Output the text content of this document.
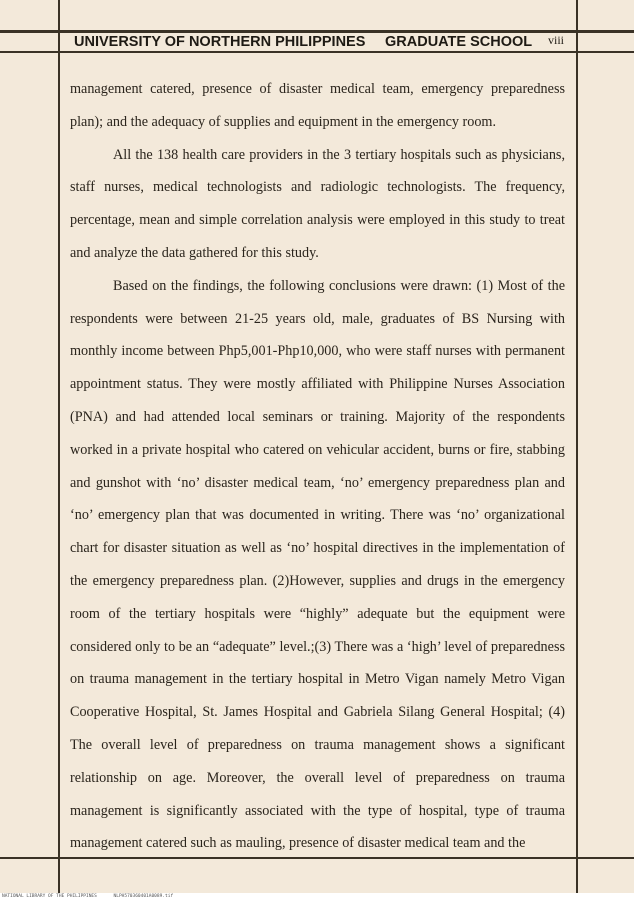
UNIVERSITY OF NORTHERN PHILIPPINES GRADUATE SCHOOL viii

management catered, presence of disaster medical team, emergency preparedness plan); and the adequacy of supplies and equipment in the emergency room.

All the 138 health care providers in the 3 tertiary hospitals such as physicians, staff nurses, medical technologists and radiologic technologists. The frequency, percentage, mean and simple correlation analysis were employed in this study to treat and analyze the data gathered for this study.

Based on the findings, the following conclusions were drawn: (1) Most of the respondents were between 21-25 years old, male, graduates of BS Nursing with monthly income between Php5,001-Php10,000, who were staff nurses with permanent appointment status. They were mostly affiliated with Philippine Nurses Association (PNA) and had attended local seminars or training. Majority of the respondents worked in a private hospital who catered on vehicular accident, burns or fire, stabbing and gunshot with ‘no’ disaster medical team, ‘no’ emergency preparedness plan and ‘no’ emergency plan that was documented in writing. There was ‘no’ organizational chart for disaster situation as well as ‘no’ hospital directives in the implementation of the emergency preparedness plan. (2)However, supplies and drugs in the emergency room of the tertiary hospitals were “highly” adequate but the equipment were considered only to be an “adequate” level.;(3) There was a ‘high’ level of preparedness on trauma management in the tertiary hospital in Metro Vigan namely Metro Vigan Cooperative Hospital, St. James Hospital and Gabriela Silang General Hospital; (4) The overall level of preparedness on trauma management shows a significant relationship on age. Moreover, the overall level of preparedness on trauma management is significantly associated with the type of hospital, type of trauma management catered such as mauling, presence of disaster medical team and the

NATIONAL LIBRARY OF THE PHILIPPINES	NLPH570360401A0089.tif
